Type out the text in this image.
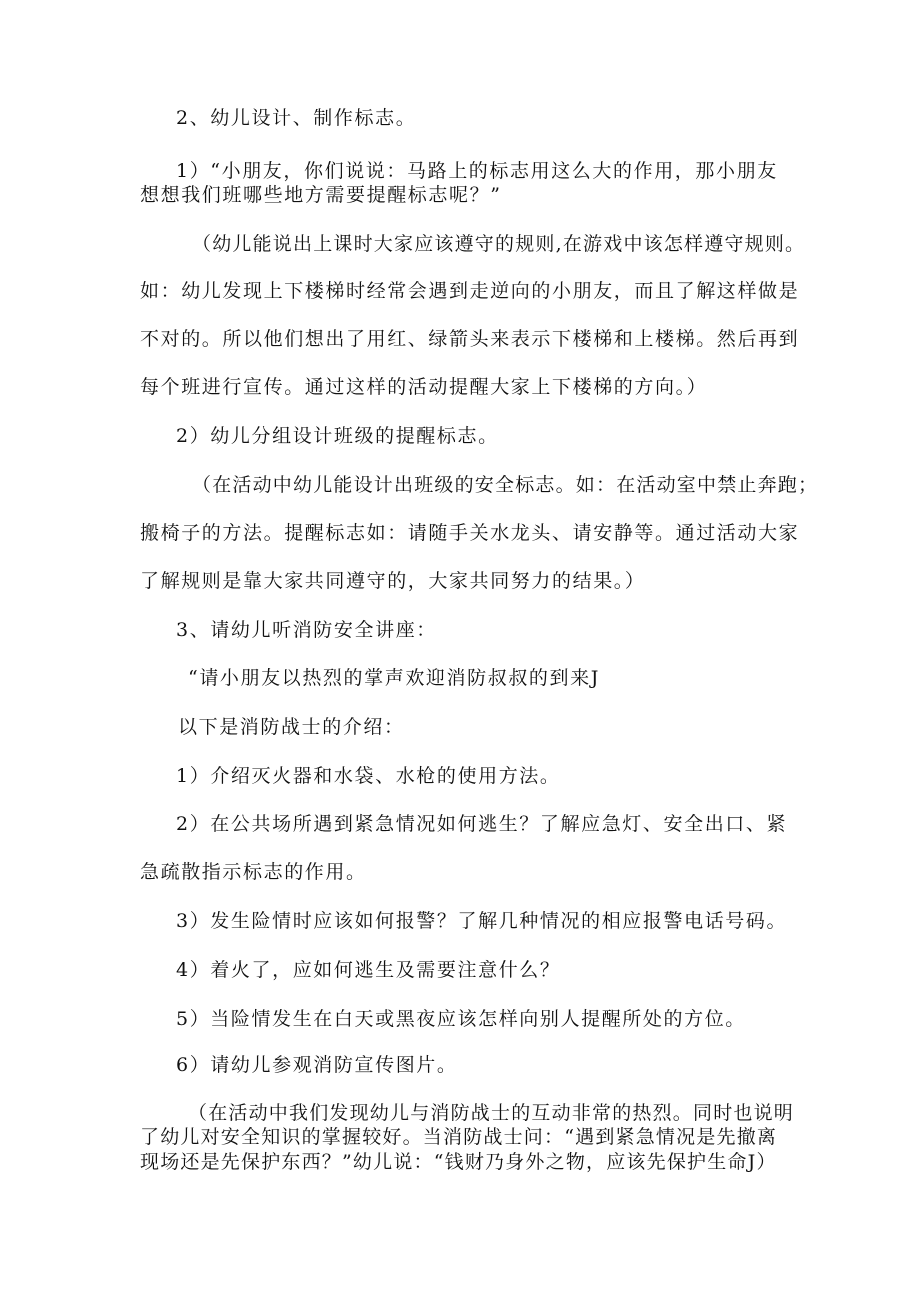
2、幼儿设计、制作标志。
1）“小朋友，你们说说：马路上的标志用这么大的作用，那小朋友
想想我们班哪些地方需要提醒标志呢？”
（幼儿能说出上课时大家应该遵守的规则,在游戏中该怎样遵守规则。
如：幼儿发现上下楼梯时经常会遇到走逆向的小朋友，而且了解这样做是
不对的。所以他们想出了用红、绿箭头来表示下楼梯和上楼梯。然后再到
每个班进行宣传。通过这样的活动提醒大家上下楼梯的方向。）
2）幼儿分组设计班级的提醒标志。
（在活动中幼儿能设计出班级的安全标志。如：在活动室中禁止奔跑；
搬椅子的方法。提醒标志如：请随手关水龙头、请安静等。通过活动大家
了解规则是靠大家共同遵守的，大家共同努力的结果。）
3、请幼儿听消防安全讲座：
“请小朋友以热烈的掌声欢迎消防叔叔的到来J
以下是消防战士的介绍：
1）介绍灭火器和水袋、水枪的使用方法。
2）在公共场所遇到紧急情况如何逃生？了解应急灯、安全出口、紧
急疏散指示标志的作用。
3）发生险情时应该如何报警？了解几种情况的相应报警电话号码。
4）着火了，应如何逃生及需要注意什么？
5）当险情发生在白天或黑夜应该怎样向别人提醒所处的方位。
6）请幼儿参观消防宣传图片。
（在活动中我们发现幼儿与消防战士的互动非常的热烈。同时也说明
了幼儿对安全知识的掌握较好。当消防战士问：“遇到紧急情况是先撤离
现场还是先保护东西？”幼儿说：“钱财乃身外之物，应该先保护生命J）
